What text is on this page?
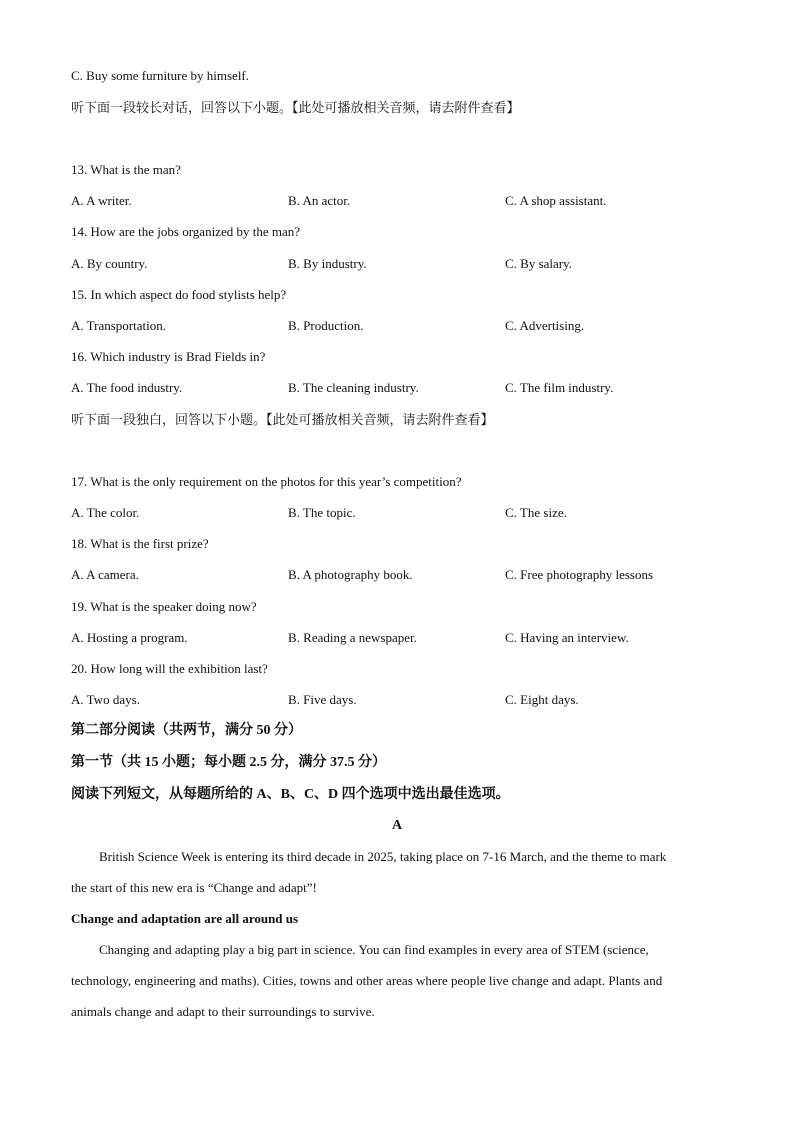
C. Buy some furniture by himself.
听下面一段较长对话，回答以下小题。【此处可播放相关音频，请去附件查看】
13. What is the man?
A. A writer.	B. An actor.	C. A shop assistant.
14. How are the jobs organized by the man?
A. By country.	B. By industry.	C. By salary.
15. In which aspect do food stylists help?
A. Transportation.	B. Production.	C. Advertising.
16. Which industry is Brad Fields in?
A. The food industry.	B. The cleaning industry.	C. The film industry.
听下面一段独白，回答以下小题。【此处可播放相关音频，请去附件查看】
17. What is the only requirement on the photos for this year’s competition?
A. The color.	B. The topic.	C. The size.
18. What is the first prize?
A. A camera.	B. A photography book.	C. Free photography lessons
19. What is the speaker doing now?
A. Hosting a program.	B. Reading a newspaper.	C. Having an interview.
20. How long will the exhibition last?
A. Two days.	B. Five days.	C. Eight days.
第二部分阅读（共两节，满分 50 分）
第一节（共 15 小题；每小题 2.5 分，满分 37.5 分）
阅读下列短文，从每题所给的 A、B、C、D 四个选项中选出最佳选项。
A
British Science Week is entering its third decade in 2025, taking place on 7-16 March, and the theme to mark
the start of this new era is “Change and adapt”!
Change and adaptation are all around us
Changing and adapting play a big part in science. You can find examples in every area of STEM (science,
technology, engineering and maths). Cities, towns and other areas where people live change and adapt. Plants and
animals change and adapt to their surroundings to survive.
